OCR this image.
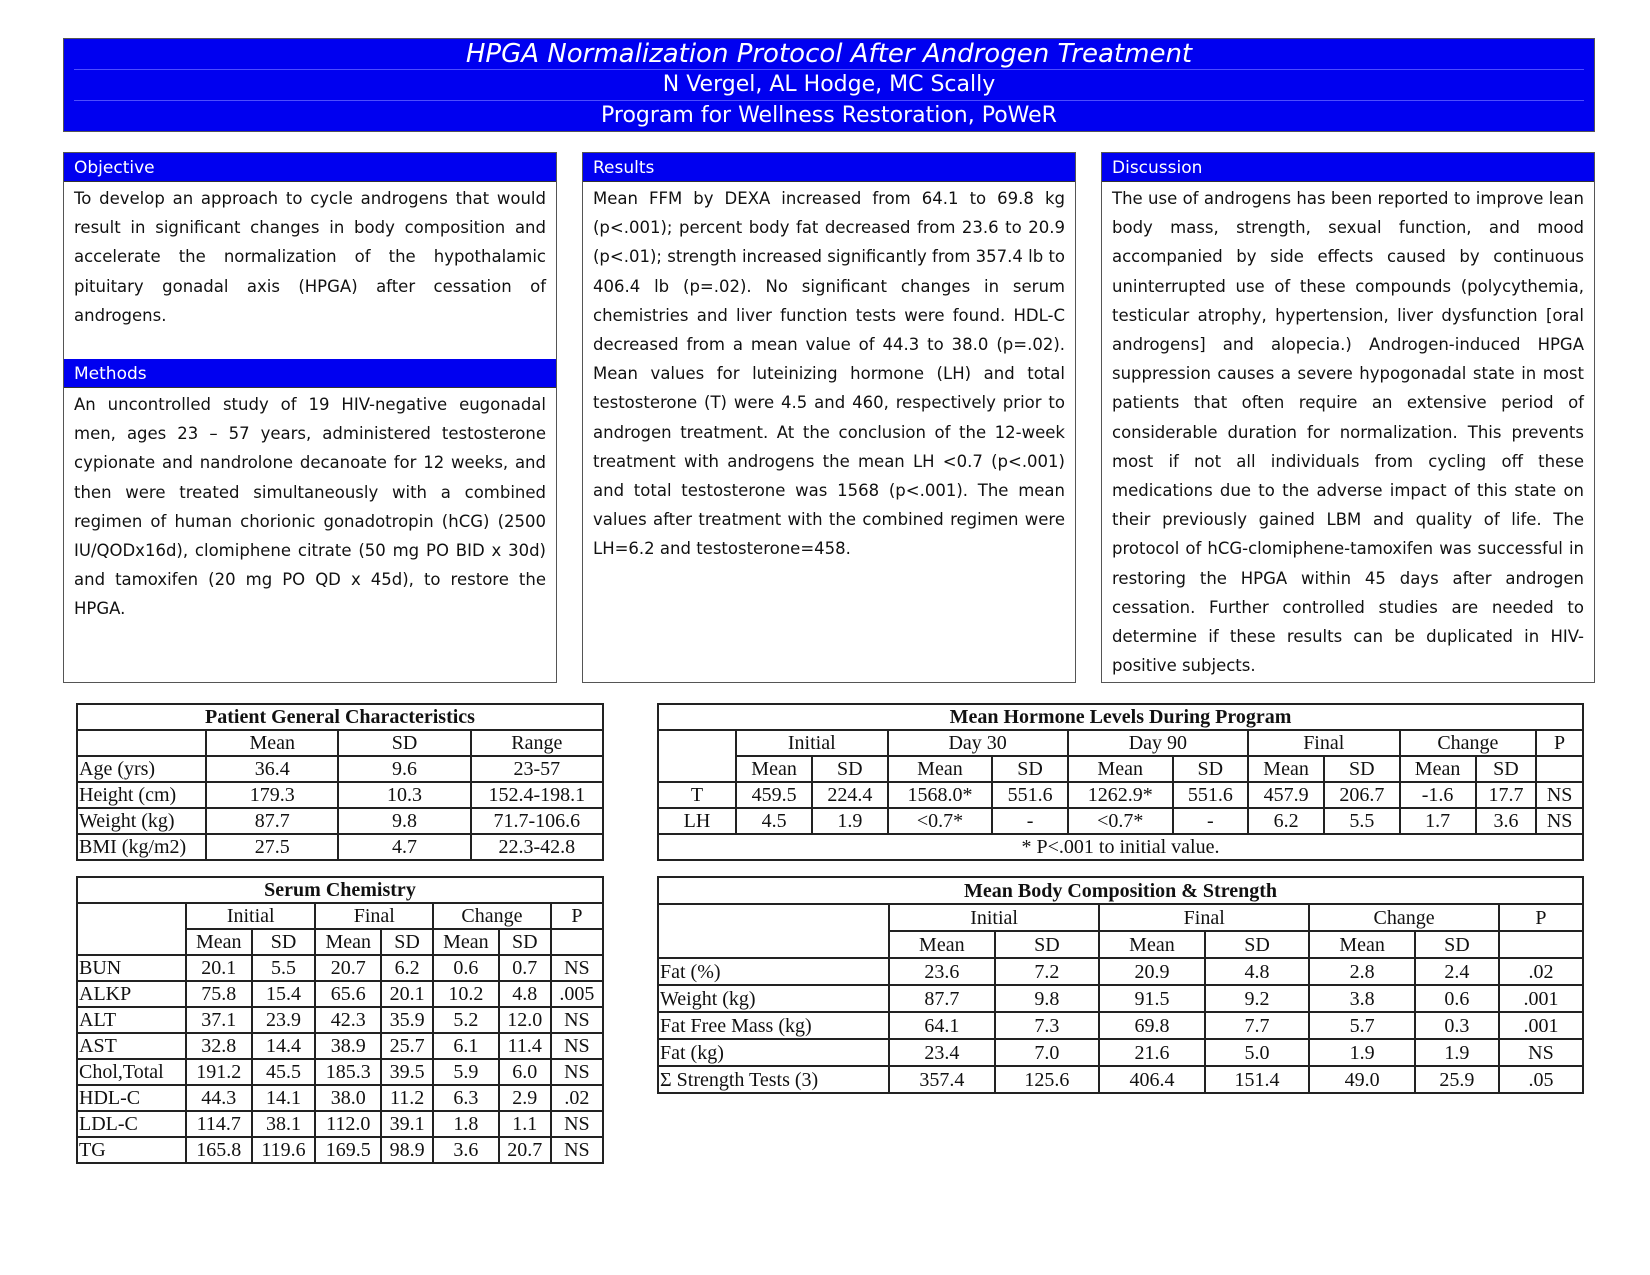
HPGA Normalization Protocol After Androgen Treatment
N Vergel, AL Hodge, MC Scally
Program for Wellness Restoration, PoWeR
Objective
To develop an approach to cycle androgens that would result in significant changes in body composition and accelerate the normalization of the hypothalamic pituitary gonadal axis (HPGA) after cessation of androgens.
Methods
An uncontrolled study of 19 HIV-negative eugonadal men, ages 23 – 57 years, administered testosterone cypionate and nandrolone decanoate for 12 weeks, and then were treated simultaneously with a combined regimen of human chorionic gonadotropin (hCG) (2500 IU/QODx16d), clomiphene citrate (50 mg PO BID x 30d) and tamoxifen (20 mg PO QD x 45d), to restore the HPGA.
Results
Mean FFM by DEXA increased from 64.1 to 69.8 kg (p<.001); percent body fat decreased from 23.6 to 20.9 (p<.01); strength increased significantly from 357.4 lb to 406.4 lb (p=.02). No significant changes in serum chemistries and liver function tests were found. HDL-C decreased from a mean value of 44.3 to 38.0 (p=.02). Mean values for luteinizing hormone (LH) and total testosterone (T) were 4.5 and 460, respectively prior to androgen treatment. At the conclusion of the 12-week treatment with androgens the mean LH <0.7 (p<.001) and total testosterone was 1568 (p<.001). The mean values after treatment with the combined regimen were LH=6.2 and testosterone=458.
Discussion
The use of androgens has been reported to improve lean body mass, strength, sexual function, and mood accompanied by side effects caused by continuous uninterrupted use of these compounds (polycythemia, testicular atrophy, hypertension, liver dysfunction [oral androgens] and alopecia.) Androgen-induced HPGA suppression causes a severe hypogonadal state in most patients that often require an extensive period of considerable duration for normalization. This prevents most if not all individuals from cycling off these medications due to the adverse impact of this state on their previously gained LBM and quality of life. The protocol of hCG-clomiphene-tamoxifen was successful in restoring the HPGA within 45 days after androgen cessation. Further controlled studies are needed to determine if these results can be duplicated in HIV-positive subjects.
Patient General Characteristics			
	Mean	SD	Range
Age (yrs)	36.4	9.6	23-57
Height (cm)	179.3	10.3	152.4-198.1
Weight (kg)	87.7	9.8	71.7-106.6
BMI (kg/m2)	27.5	4.7	22.3-42.8
Serum Chemistry							
	Initial		Final		Change		P
	Mean	SD	Mean	SD	Mean	SD	
BUN	20.1	5.5	20.7	6.2	0.6	0.7	NS
ALKP	75.8	15.4	65.6	20.1	10.2	4.8	.005
ALT	37.1	23.9	42.3	35.9	5.2	12.0	NS
AST	32.8	14.4	38.9	25.7	6.1	11.4	NS
Chol,Total	191.2	45.5	185.3	39.5	5.9	6.0	NS
HDL-C	44.3	14.1	38.0	11.2	6.3	2.9	.02
LDL-C	114.7	38.1	112.0	39.1	1.8	1.1	NS
TG	165.8	119.6	169.5	98.9	3.6	20.7	NS
Mean Hormone Levels During Program											
	Initial		Day 30		Day 90		Final		Change		P
	Mean	SD	Mean	SD	Mean	SD	Mean	SD	Mean	SD	
T	459.5	224.4	1568.0*	551.6	1262.9*	551.6	457.9	206.7	-1.6	17.7	NS
LH	4.5	1.9	<0.7*	-	<0.7*	-	6.2	5.5	1.7	3.6	NS
* P<.001 to initial value.											
Mean Body Composition & Strength							
	Initial		Final		Change		P
	Mean	SD	Mean	SD	Mean	SD	
Fat (%)	23.6	7.2	20.9	4.8	2.8	2.4	.02
Weight (kg)	87.7	9.8	91.5	9.2	3.8	0.6	.001
Fat Free Mass (kg)	64.1	7.3	69.8	7.7	5.7	0.3	.001
Fat (kg)	23.4	7.0	21.6	5.0	1.9	1.9	NS
Σ Strength Tests (3)	357.4	125.6	406.4	151.4	49.0	25.9	.05
